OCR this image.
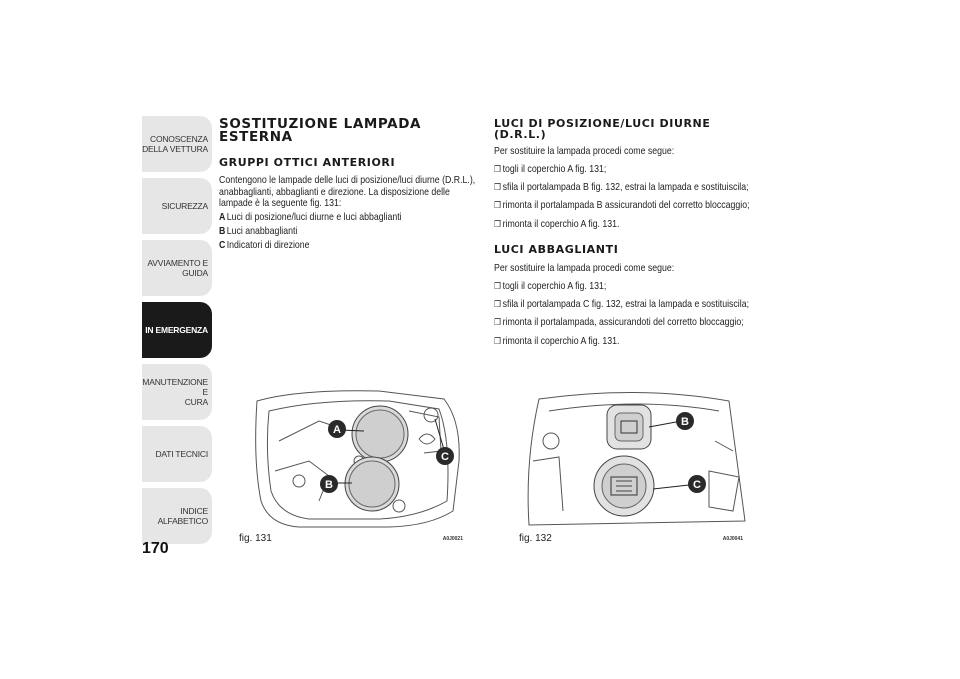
CONOSCENZA
DELLA VETTURA
SICUREZZA
AVVIAMENTO E
GUIDA
IN EMERGENZA
MANUTENZIONE E
CURA
DATI TECNICI
INDICE ALFABETICO
170
SOSTITUZIONE LAMPADA
ESTERNA
GRUPPI OTTICI ANTERIORI

Contengono le lampade delle luci di posizione/luci diurne (D.R.L.), anabbaglianti, abbaglianti e direzione. La disposizione delle lampade è la seguente fig. 131:

ALuci di posizione/luci diurne e luci abbaglianti
BLuci anabbaglianti
CIndicatori di direzione
LUCI DI POSIZIONE/LUCI DIURNE
(D.R.L.)

Per sostituire la lampada procedi come segue:

❒ togli il coperchio A fig. 131;
❒ sfila il portalampada B fig. 132, estrai la lampada e sostituiscila;
❒ rimonta il portalampada B assicurandoti del corretto bloccaggio;
❒ rimonta il coperchio A fig. 131.
LUCI ABBAGLIANTI

Per sostituire la lampada procedi come segue:

❒ togli il coperchio A fig. 131;
❒ sfila il portalampada C fig. 132, estrai la lampada e sostituiscila;
❒ rimonta il portalampada, assicurandoti del corretto bloccaggio;
❒ rimonta il coperchio A fig. 131.
A
B
C
fig. 131	A0J0021
B
C
fig. 132	A0J0041
